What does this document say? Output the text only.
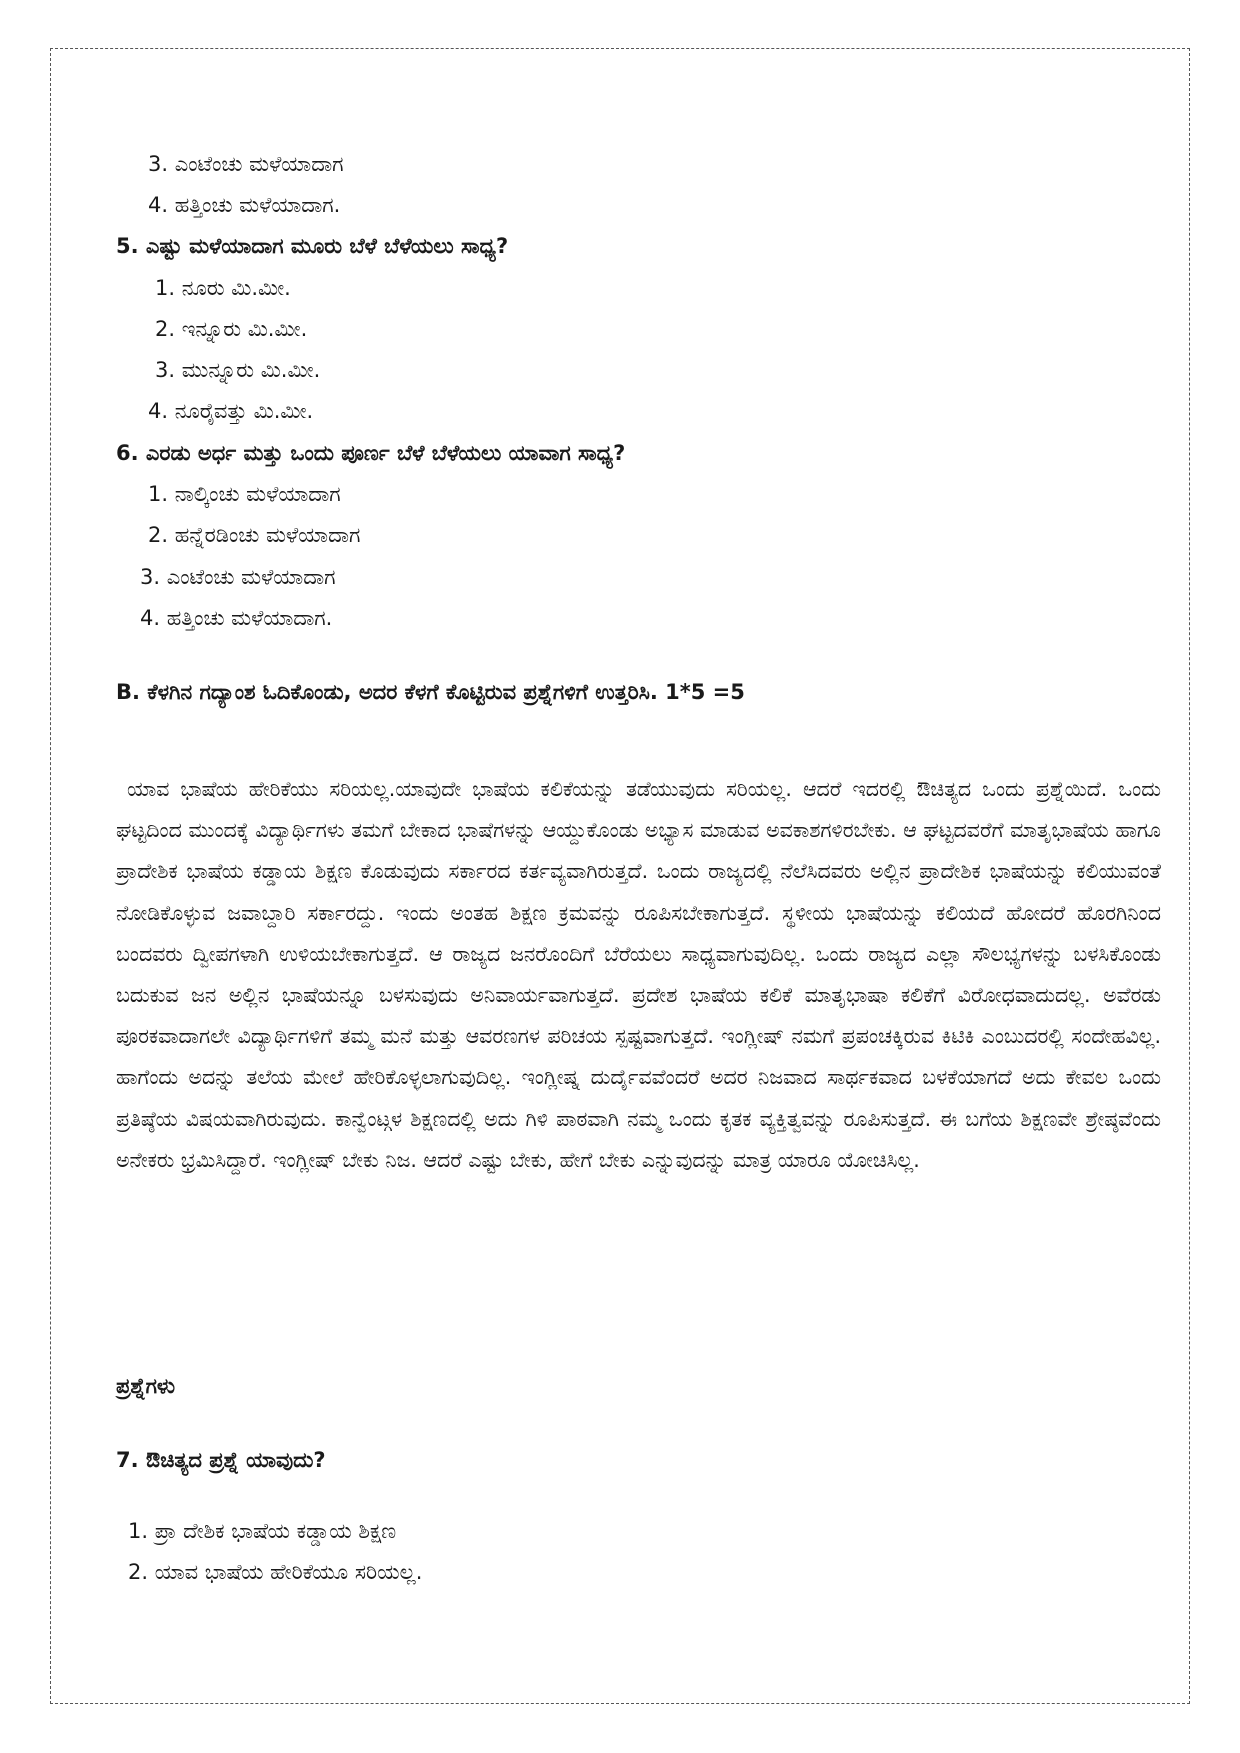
3. ಎಂಟೆಂಚು ಮಳೆಯಾದಾಗ
4. ಹತ್ತಿಂಚು ಮಳೆಯಾದಾಗ.
5. ಎಷ್ಟು ಮಳೆಯಾದಾಗ ಮೂರು ಬೆಳೆ ಬೆಳೆಯಲು ಸಾಧ್ಯ?
1. ನೂರು ಮಿ.ಮೀ.
2. ಇನ್ನೂರು ಮಿ.ಮೀ.
3. ಮುನ್ನೂರು ಮಿ.ಮೀ.
4. ನೂರೈವತ್ತು ಮಿ.ಮೀ.
6. ಎರಡು ಅರ್ಧ ಮತ್ತು ಒಂದು ಪೂರ್ಣ ಬೆಳೆ ಬೆಳೆಯಲು ಯಾವಾಗ ಸಾಧ್ಯ?
1. ನಾಲ್ಕಿಂಚು ಮಳೆಯಾದಾಗ
2. ಹನ್ನೆರಡಿಂಚು ಮಳೆಯಾದಾಗ
3. ಎಂಟೆಂಚು ಮಳೆಯಾದಾಗ
4. ಹತ್ತಿಂಚು ಮಳೆಯಾದಾಗ.
B. ಕೆಳಗಿನ ಗದ್ಯಾಂಶ ಓದಿಕೊಂಡು, ಅದರ ಕೆಳಗೆ ಕೊಟ್ಟಿರುವ ಪ್ರಶ್ನೆಗಳಿಗೆ ಉತ್ತರಿಸಿ. 1*5 =5

ಯಾವ ಭಾಷೆಯ ಹೇರಿಕೆಯು ಸರಿಯಲ್ಲ.ಯಾವುದೇ ಭಾಷೆಯ ಕಲಿಕೆಯನ್ನು ತಡೆಯುವುದು ಸರಿಯಲ್ಲ. ಆದರೆ ಇದರಲ್ಲಿ ಔಚಿತ್ಯದ ಒಂದು ಪ್ರಶ್ನೆಯಿದೆ. ಒಂದು ಘಟ್ಟದಿಂದ ಮುಂದಕ್ಕೆ ವಿದ್ಯಾರ್ಥಿಗಳು ತಮಗೆ ಬೇಕಾದ ಭಾಷೆಗಳನ್ನು ಆಯ್ದುಕೊಂಡು ಅಭ್ಯಾಸ ಮಾಡುವ ಅವಕಾಶಗಳಿರಬೇಕು. ಆ ಘಟ್ಟದವರೆಗೆ ಮಾತೃಭಾಷೆಯ ಹಾಗೂ ಪ್ರಾದೇಶಿಕ ಭಾಷೆಯ ಕಡ್ಡಾಯ ಶಿಕ್ಷಣ ಕೊಡುವುದು ಸರ್ಕಾರದ ಕರ್ತವ್ಯವಾಗಿರುತ್ತದೆ. ಒಂದು ರಾಜ್ಯದಲ್ಲಿ ನೆಲೆಸಿದವರು ಅಲ್ಲಿನ ಪ್ರಾದೇಶಿಕ ಭಾಷೆಯನ್ನು ಕಲಿಯುವಂತೆ ನೋಡಿಕೊಳ್ಳುವ ಜವಾಬ್ದಾರಿ ಸರ್ಕಾರದ್ದು. ಇಂದು ಅಂತಹ ಶಿಕ್ಷಣ ಕ್ರಮವನ್ನು ರೂಪಿಸಬೇಕಾಗುತ್ತದೆ. ಸ್ಥಳೀಯ ಭಾಷೆಯನ್ನು ಕಲಿಯದೆ ಹೋದರೆ ಹೊರಗಿನಿಂದ ಬಂದವರು ದ್ವೀಪಗಳಾಗಿ ಉಳಿಯಬೇಕಾಗುತ್ತದೆ. ಆ ರಾಜ್ಯದ ಜನರೊಂದಿಗೆ ಬೆರೆಯಲು ಸಾಧ್ಯವಾಗುವುದಿಲ್ಲ. ಒಂದು ರಾಜ್ಯದ ಎಲ್ಲಾ ಸೌಲಭ್ಯಗಳನ್ನು ಬಳಸಿಕೊಂಡು ಬದುಕುವ ಜನ ಅಲ್ಲಿನ ಭಾಷೆಯನ್ನೂ ಬಳಸುವುದು ಅನಿವಾರ್ಯವಾಗುತ್ತದೆ. ಪ್ರದೇಶ ಭಾಷೆಯ ಕಲಿಕೆ ಮಾತೃಭಾಷಾ ಕಲಿಕೆಗೆ ವಿರೋಧವಾದುದಲ್ಲ. ಅವೆರಡು ಪೂರಕವಾದಾಗಲೇ ವಿದ್ಯಾರ್ಥಿಗಳಿಗೆ ತಮ್ಮ ಮನೆ ಮತ್ತು ಆವರಣಗಳ ಪರಿಚಯ ಸ್ಪಷ್ಟವಾಗುತ್ತದೆ. ಇಂಗ್ಲೀಷ್ ನಮಗೆ ಪ್ರಪಂಚಕ್ಕಿರುವ ಕಿಟಿಕಿ ಎಂಬುದರಲ್ಲಿ ಸಂದೇಹವಿಲ್ಲ. ಹಾಗೆಂದು ಅದನ್ನು ತಲೆಯ ಮೇಲೆ ಹೇರಿಕೊಳ್ಳಲಾಗುವುದಿಲ್ಲ. ಇಂಗ್ಲೀಷ್ನ ದುರ್ದೈವವೆಂದರೆ ಅದರ ನಿಜವಾದ ಸಾರ್ಥಕವಾದ ಬಳಕೆಯಾಗದೆ ಅದು ಕೇವಲ ಒಂದು ಪ್ರತಿಷ್ಠೆಯ ವಿಷಯವಾಗಿರುವುದು. ಕಾನ್ವೆಂಟ್ಗಳ ಶಿಕ್ಷಣದಲ್ಲಿ ಅದು ಗಿಳಿ ಪಾಠವಾಗಿ ನಮ್ಮ ಒಂದು ಕೃತಕ ವ್ಯಕ್ತಿತ್ವವನ್ನು ರೂಪಿಸುತ್ತದೆ. ಈ ಬಗೆಯ ಶಿಕ್ಷಣವೇ ಶ್ರೇಷ್ಠವೆಂದು ಅನೇಕರು ಭ್ರಮಿಸಿದ್ದಾರೆ. ಇಂಗ್ಲೀಷ್ ಬೇಕು ನಿಜ. ಆದರೆ ಎಷ್ಟು ಬೇಕು, ಹೇಗೆ ಬೇಕು ಎನ್ನುವುದನ್ನು ಮಾತ್ರ ಯಾರೂ ಯೋಚಿಸಿಲ್ಲ.

ಪ್ರಶ್ನೆಗಳು
7. ಔಚಿತ್ಯದ ಪ್ರಶ್ನೆ ಯಾವುದು?
1. ಪ್ರಾ ದೇಶಿಕ ಭಾಷೆಯ ಕಡ್ಡಾಯ ಶಿಕ್ಷಣ
2. ಯಾವ ಭಾಷೆಯ ಹೇರಿಕೆಯೂ ಸರಿಯಲ್ಲ.
